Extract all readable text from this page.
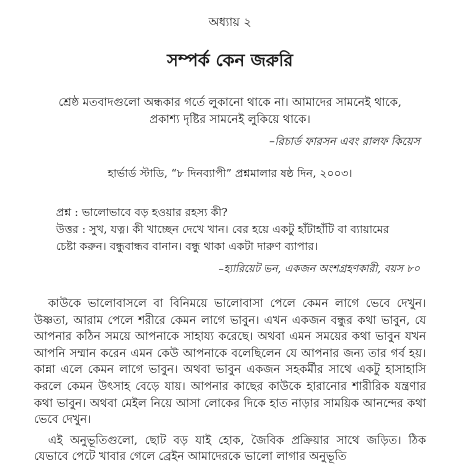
অধ্যায় ২
সম্পর্ক কেন জরুরি
শ্রেষ্ঠ মতবাদগুলো অন্ধকার গর্তে লুকানো থাকে না। আমাদের সামনেই থাকে, প্রকাশ্য দৃষ্টির সামনেই লুকিয়ে থাকে।
–রিচার্ড ফারসন এবং রালফ কিয়েস
হার্ভার্ড স্টাডি, “৮ দিনব্যাপী” প্রশ্নমালার ষষ্ঠ দিন, ২০০৩।

প্রশ্ন : ভালোভাবে বড় হওয়ার রহস্য কী?

উত্তর : সুখ, যত্ন। কী খাচ্ছেন দেখে খান। বের হয়ে একটু হাঁটাহাঁটি বা ব্যায়ামের চেষ্টা করুন। বন্ধুবান্ধব বানান। বন্ধু থাকা একটা দারুণ ব্যাপার।

–হ্যারিয়েট ভন, একজন অংশগ্রহণকারী, বয়স ৮০

কাউকে ভালোবাসলে বা বিনিময়ে ভালোবাসা পেলে কেমন লাগে ভেবে দেখুন। উষ্ণতা, আরাম পেলে শরীরে কেমন লাগে ভাবুন। এখন একজন বন্ধুর কথা ভাবুন, যে আপনার কঠিন সময়ে আপনাকে সাহায্য করেছে। অথবা এমন সময়ের কথা ভাবুন যখন আপনি সম্মান করেন এমন কেউ আপনাকে বলেছিলেন যে আপনার জন্য তার গর্ব হয়। কান্না এলে কেমন লাগে ভাবুন। অথবা ভাবুন একজন সহকর্মীর সাথে একটু হাসাহাসি করলে কেমন উৎসাহ বেড়ে যায়। আপনার কাছের কাউকে হারানোর শারীরিক যন্ত্রণার কথা ভাবুন। অথবা মেইল নিয়ে আসা লোকের দিকে হাত নাড়ার সাময়িক আনন্দের কথা ভেবে দেখুন।

এই অনুভূতিগুলো, ছোট বড় যাই হোক, জৈবিক প্রক্রিয়ার সাথে জড়িত। ঠিক যেভাবে পেটে খাবার গেলে ব্রেইন আমাদেরকে ভালো লাগার অনুভূতি
